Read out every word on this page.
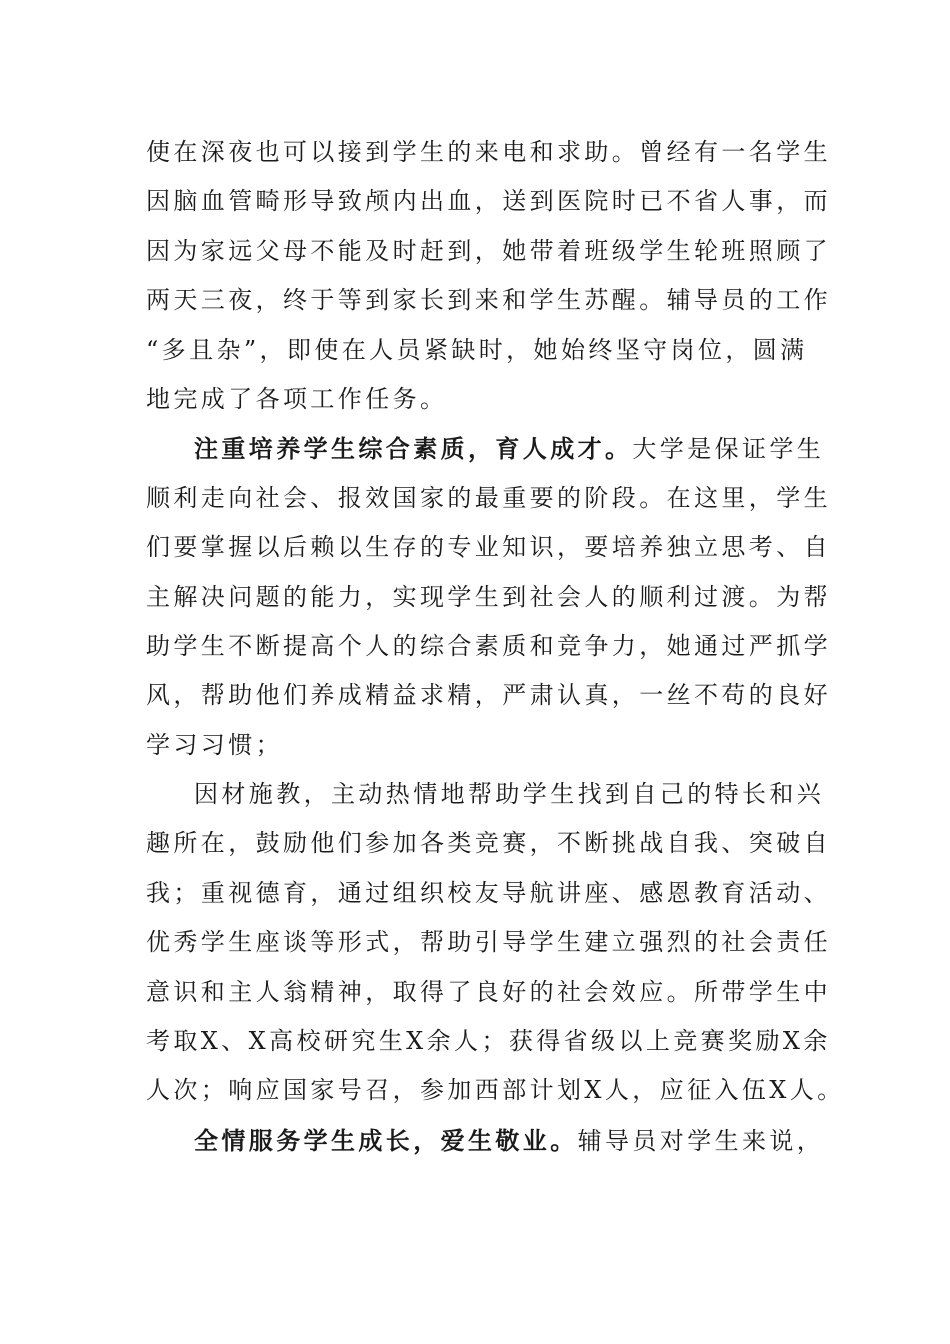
使在深夜也可以接到学生的来电和求助。曾经有一名学生
因脑血管畸形导致颅内出血，送到医院时已不省人事，而
因为家远父母不能及时赶到，她带着班级学生轮班照顾了
两天三夜，终于等到家长到来和学生苏醒。辅导员的工作
“多且杂”，即使在人员紧缺时，她始终坚守岗位，圆满
地完成了各项工作任务。
注重培养学生综合素质，育人成才。大学是保证学生
顺利走向社会、报效国家的最重要的阶段。在这里，学生
们要掌握以后赖以生存的专业知识，要培养独立思考、自
主解决问题的能力，实现学生到社会人的顺利过渡。为帮
助学生不断提高个人的综合素质和竞争力，她通过严抓学
风，帮助他们养成精益求精，严肃认真，一丝不苟的良好
学习习惯；
因材施教，主动热情地帮助学生找到自己的特长和兴
趣所在，鼓励他们参加各类竞赛，不断挑战自我、突破自
我；重视德育，通过组织校友导航讲座、感恩教育活动、
优秀学生座谈等形式，帮助引导学生建立强烈的社会责任
意识和主人翁精神，取得了良好的社会效应。所带学生中
考取X、X高校研究生X余人；获得省级以上竞赛奖励X余
人次；响应国家号召，参加西部计划X人，应征入伍X人。
全情服务学生成长，爱生敬业。辅导员对学生来说，
